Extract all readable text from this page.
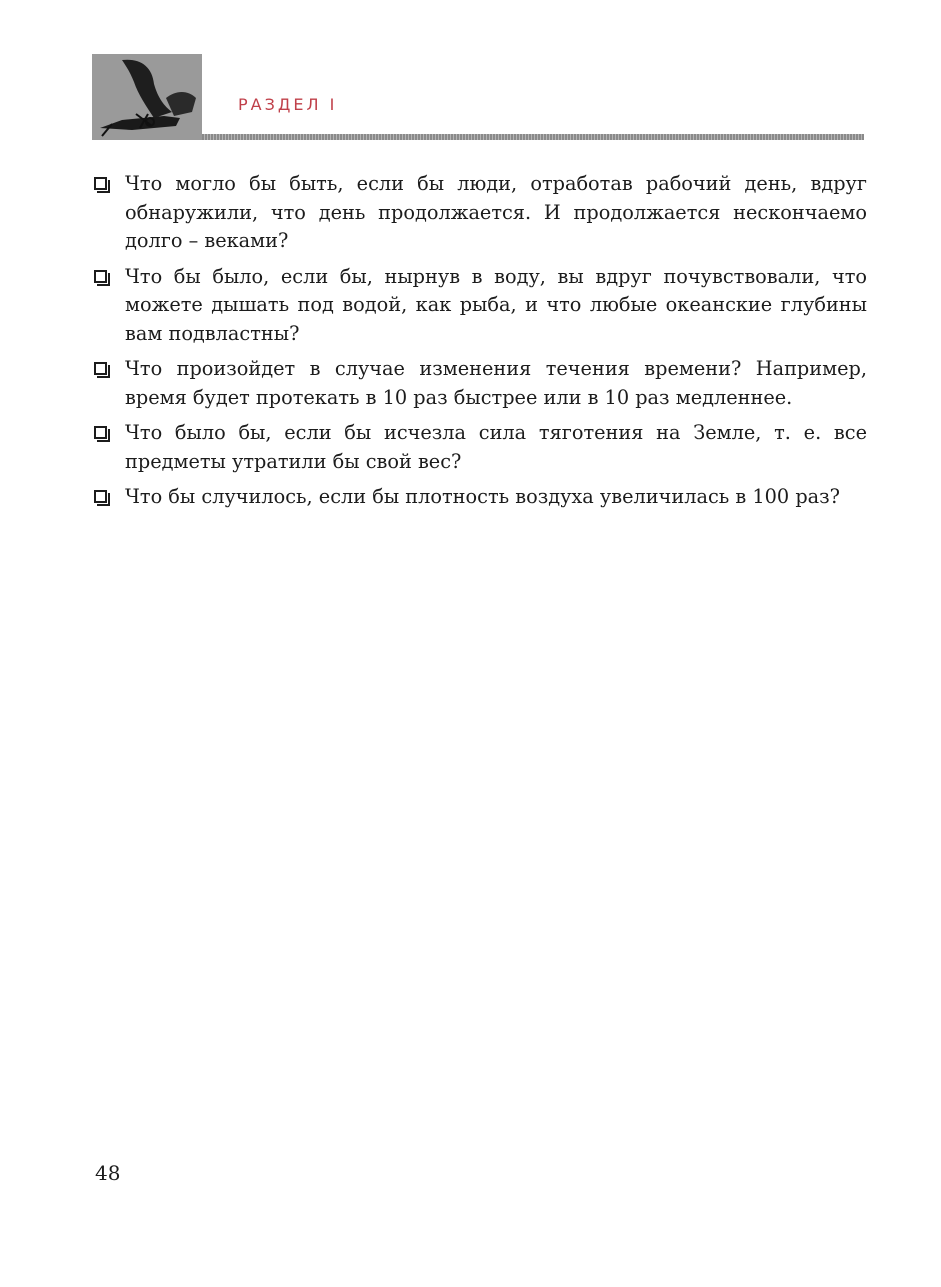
РАЗДЕЛ I
Что могло бы быть, если бы люди, отработав рабочий день, вдруг обнаружили, что день продолжается. И продолжается нескончаемо долго – веками?
Что бы было, если бы, нырнув в воду, вы вдруг почувствовали, что можете дышать под водой, как рыба, и что любые океанские глубины вам подвластны?
Что произойдет в случае изменения течения времени? Например, время будет протекать в 10 раз быстрее или в 10 раз медленнее.
Что было бы, если бы исчезла сила тяготения на Земле, т. е. все предметы утратили бы свой вес?
Что бы случилось, если бы плотность воздуха увеличилась в 100 раз?
48
